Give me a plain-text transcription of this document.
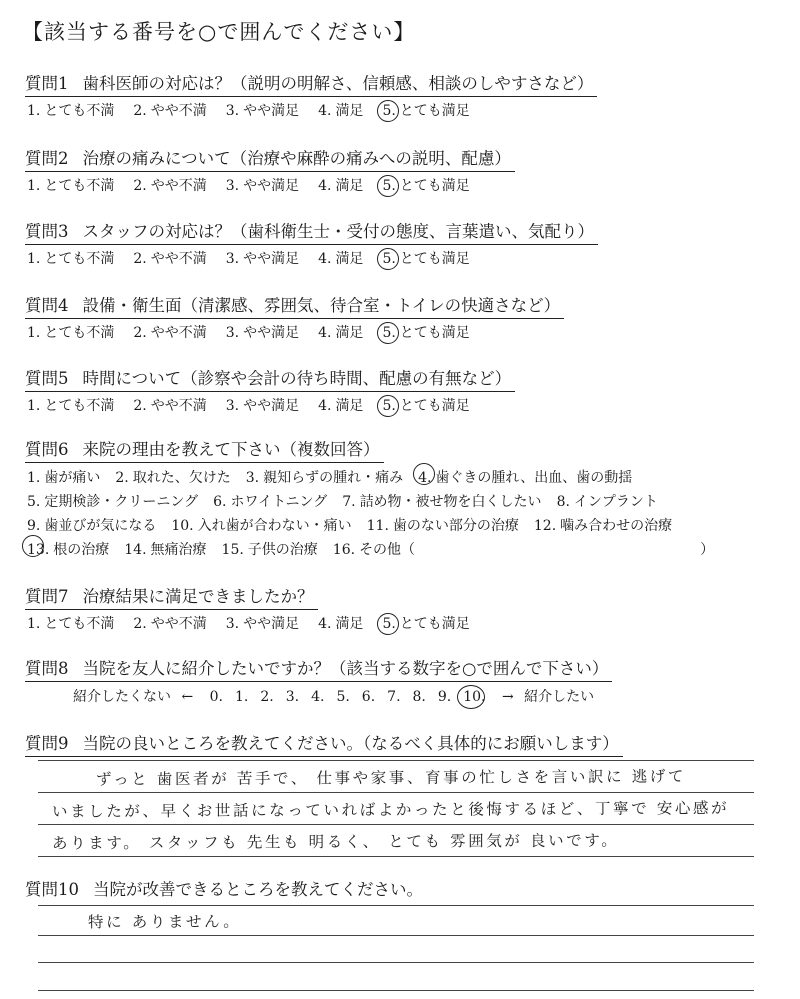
【該当する番号を○で囲んでください】
質問1 歯科医師の対応は？（説明の明解さ、信頼感、相談のしやすさなど）
1. とても不満 2. やや不満 3. やや満足 4. 満足 5. とても満足
質問2 治療の痛みについて（治療や麻酔の痛みへの説明、配慮）
1. とても不満 2. やや不満 3. やや満足 4. 満足 5. とても満足
質問3 スタッフの対応は？（歯科衛生士・受付の態度、言葉遣い、気配り）
1. とても不満 2. やや不満 3. やや満足 4. 満足 5. とても満足
質問4 設備・衛生面（清潔感、雰囲気、待合室・トイレの快適さなど）
1. とても不満 2. やや不満 3. やや満足 4. 満足 5. とても満足
質問5 時間について（診察や会計の待ち時間、配慮の有無など）
1. とても不満 2. やや不満 3. やや満足 4. 満足 5. とても満足
質問6 来院の理由を教えて下さい（複数回答）
1. 歯が痛い 2. 取れた、欠けた 3. 親知らずの腫れ・痛み 4. 歯ぐきの腫れ、出血、歯の動揺
5. 定期検診・クリーニング 6. ホワイトニング 7. 詰め物・被せ物を白くしたい 8. インプラント
9. 歯並びが気になる 10. 入れ歯が合わない・痛い 11. 歯のない部分の治療 12. 噛み合わせの治療
13. 根の治療 14. 無痛治療 15. 子供の治療 16. その他（	）
質問7 治療結果に満足できましたか？
1. とても不満 2. やや不満 3. やや満足 4. 満足 5. とても満足
質問8 当院を友人に紹介したいですか？（該当する数字を○で囲んで下さい）
紹介したくない ← 0. 1. 2. 3. 4. 5. 6. 7. 8. 9. 10. → 紹介したい
質問9 当院の良いところを教えてください。（なるべく具体的にお願いします）
ずっと 歯医者が 苦手で、 仕事や家事、育事の忙しさを言い訳に 逃げて
いましたが、早くお世話になっていればよかったと後悔するほど、丁寧で 安心感が
あります。 スタッフも 先生も 明るく、 とても 雰囲気が 良いです。
質問10 当院が改善できるところを教えてください。
特に ありません。
